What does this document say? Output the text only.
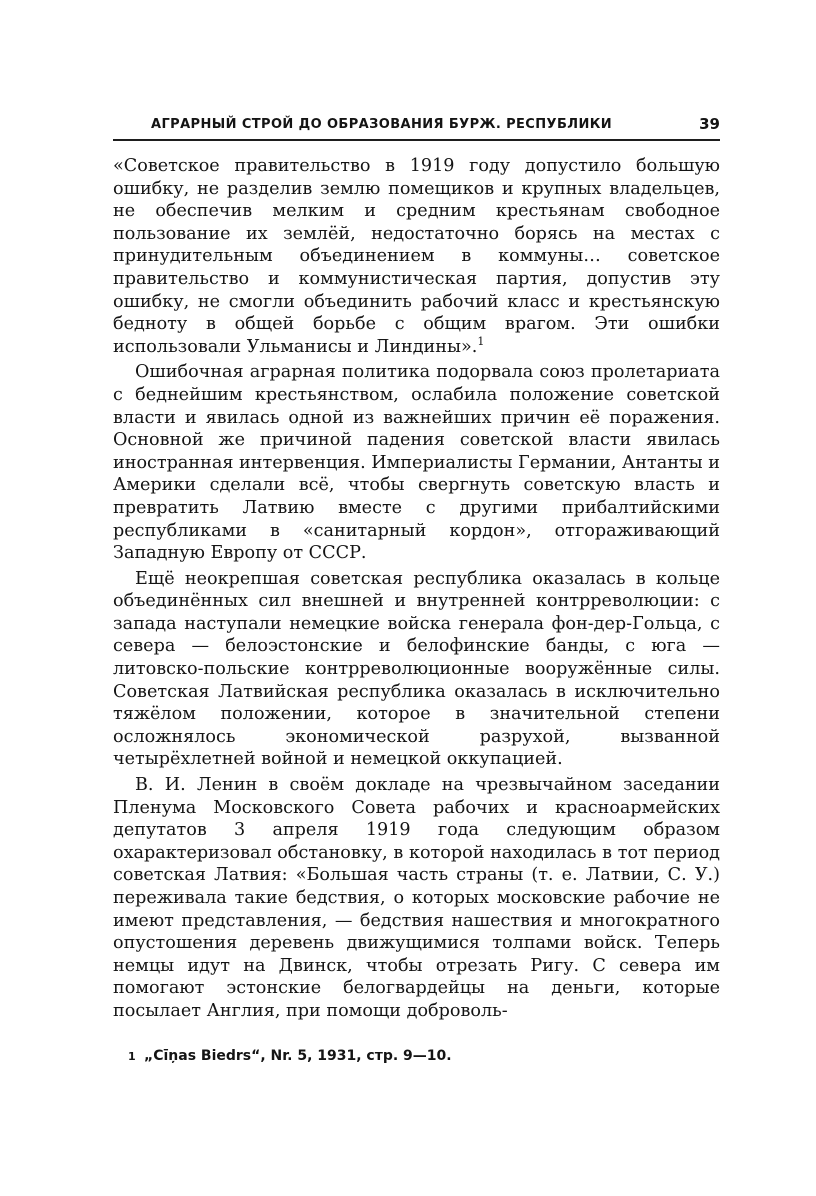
АГРАРНЫЙ СТРОЙ ДО ОБРАЗОВАНИЯ БУРЖ. РЕСПУБЛИКИ	39

«Советское правительство в 1919 году допустило большую ошибку, не разделив землю помещиков и крупных владельцев, не обеспечив мелким и средним крестьянам свободное пользование их землёй, недостаточно борясь на местах с принудительным объединением в коммуны… советское правительство и коммунистическая партия, допустив эту ошибку, не смогли объединить рабочий класс и крестьянскую бедноту в общей борьбе с общим врагом. Эти ошибки использовали Ульманисы и Линдины».$^1$

Ошибочная аграрная политика подорвала союз пролетариата с беднейшим крестьянством, ослабила положение советской власти и явилась одной из важнейших причин её поражения. Основной же причиной падения советской власти явилась иностранная интервенция. Империалисты Германии, Антанты и Америки сделали всё, чтобы свергнуть советскую власть и превратить Латвию вместе с другими прибалтийскими республиками в «санитарный кордон», отгораживающий Западную Европу от СССР.

Ещё неокрепшая советская республика оказалась в кольце объединённых сил внешней и внутренней контрреволюции: с запада наступали немецкие войска генерала фон-дер-Гольца, с севера — белоэстонские и белофинские банды, с юга — литовско-польские контрреволюционные вооружённые силы. Советская Латвийская республика оказалась в исключительно тяжёлом положении, которое в значительной степени осложнялось экономической разрухой, вызванной четырёхлетней войной и немецкой оккупацией.

В. И. Ленин в своём докладе на чрезвычайном заседании Пленума Московского Совета рабочих и красноармейских депутатов 3 апреля 1919 года следующим образом охарактеризовал обстановку, в которой находилась в тот период советская Латвия: «Большая часть страны (т. е. Латвии, С. У.) переживала такие бедствия, о которых московские рабочие не имеют представления, — бедствия нашествия и многократного опустошения деревень движущимися толпами войск. Теперь немцы идут на Двинск, чтобы отрезать Ригу. С севера им помогают эстонские белогвардейцы на деньги, которые посылает Англия, при помощи доброволь-

1 „Cīņas Biedrs“, Nr. 5, 1931, стр. 9—10.
